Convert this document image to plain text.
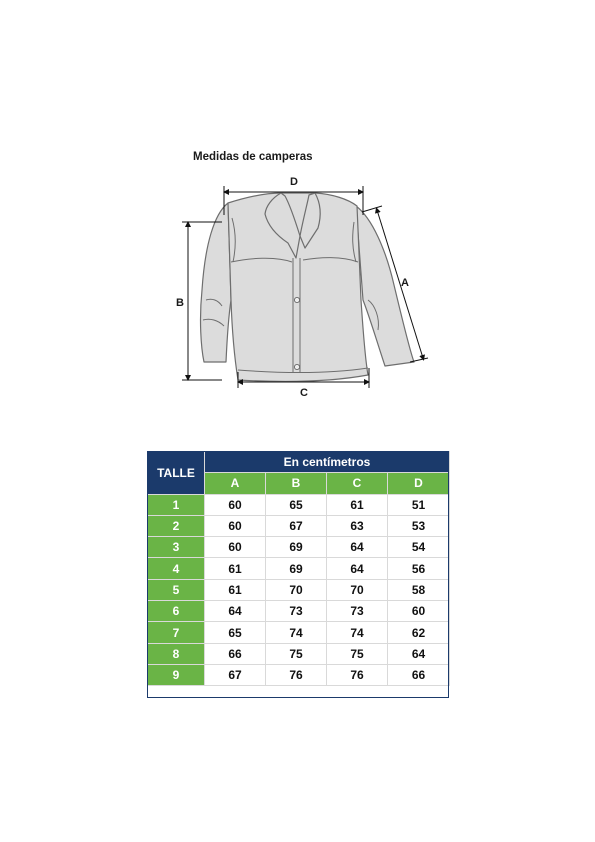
Medidas de camperas
D
B
C
A
TALLE	En centímetros			
	A	B	C	D
1	60	65	61	51
2	60	67	63	53
3	60	69	64	54
4	61	69	64	56
5	61	70	70	58
6	64	73	73	60
7	65	74	74	62
8	66	75	75	64
9	67	76	76	66
